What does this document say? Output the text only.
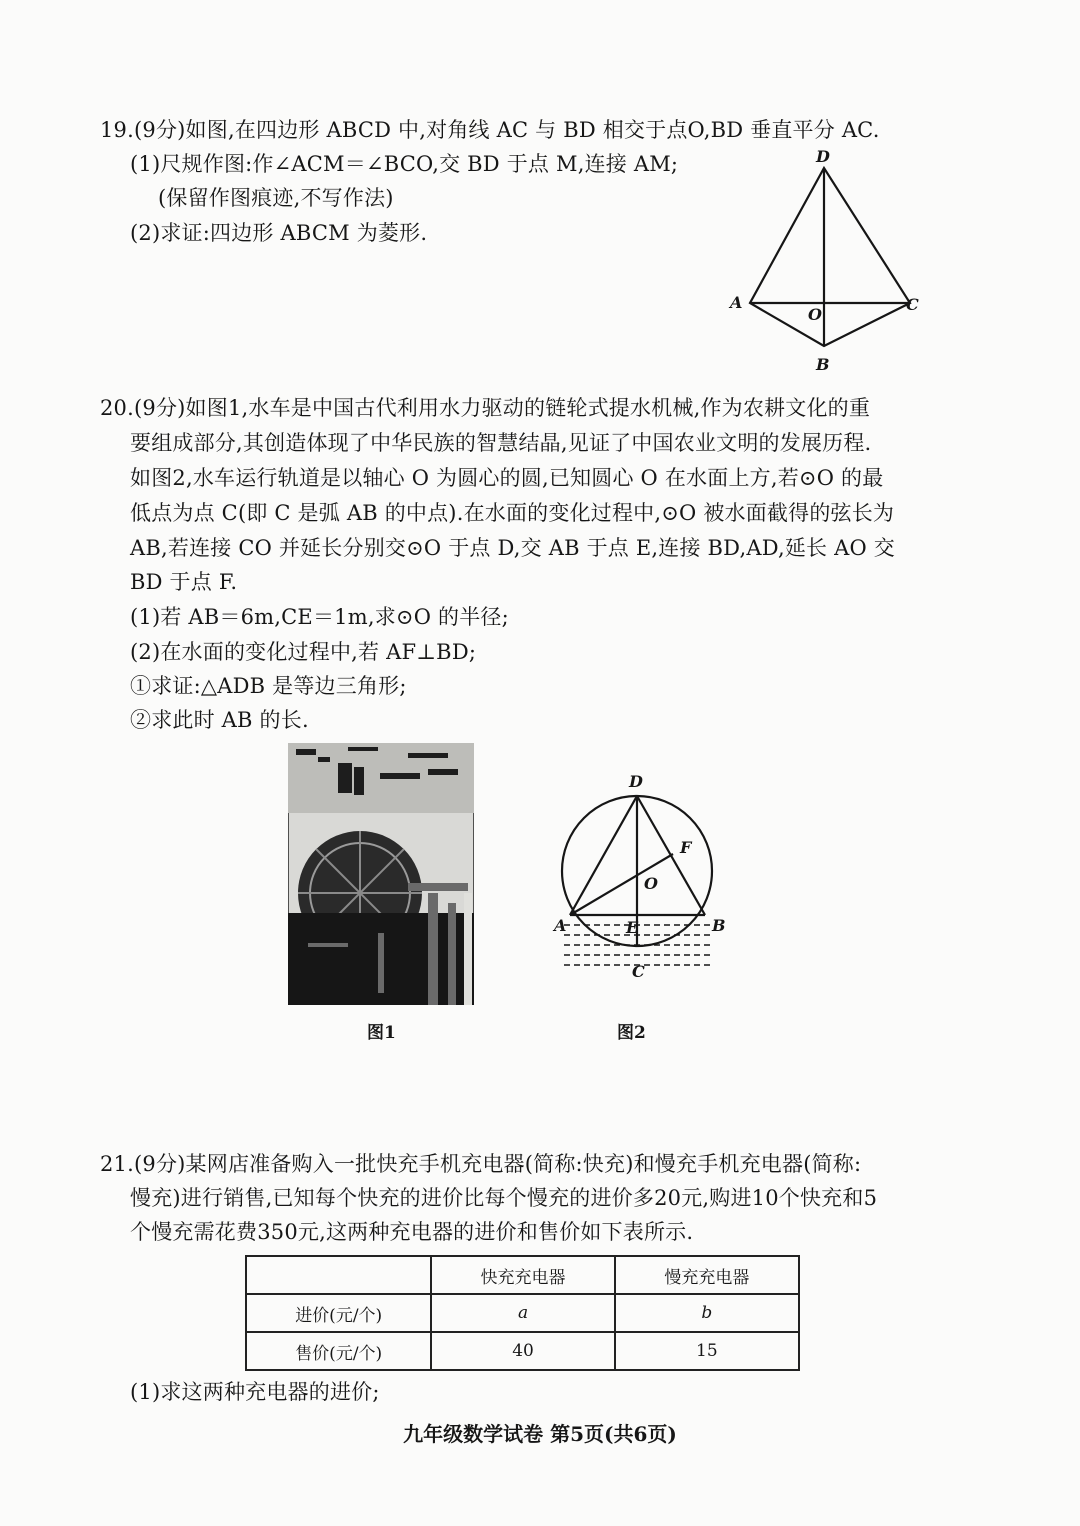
19.(9分)如图,在四边形 ABCD 中,对角线 AC 与 BD 相交于点O,BD 垂直平分 AC.
(1)尺规作图:作∠ACM＝∠BCO,交 BD 于点 M,连接 AM;
(保留作图痕迹,不写作法)
(2)求证:四边形 ABCM 为菱形.
D
A
O
C
B
20.(9分)如图1,水车是中国古代利用水力驱动的链轮式提水机械,作为农耕文化的重
要组成部分,其创造体现了中华民族的智慧结晶,见证了中国农业文明的发展历程.
如图2,水车运行轨道是以轴心 O 为圆心的圆,已知圆心 O 在水面上方,若⊙O 的最
低点为点 C(即 C 是弧 AB 的中点).在水面的变化过程中,⊙O 被水面截得的弦长为
AB,若连接 CO 并延长分别交⊙O 于点 D,交 AB 于点 E,连接 BD,AD,延长 AO 交
BD 于点 F.
(1)若 AB＝6m,CE＝1m,求⊙O 的半径;
(2)在水面的变化过程中,若 AF⊥BD;
①求证:△ADB 是等边三角形;
②求此时 AB 的长.
图1
D
F
O
A	E	B
C
图2
21.(9分)某网店准备购入一批快充手机充电器(简称:快充)和慢充手机充电器(简称:
慢充)进行销售,已知每个快充的进价比每个慢充的进价多20元,购进10个快充和5
个慢充需花费350元,这两种充电器的进价和售价如下表所示.
	快充充电器	慢充充电器
进价(元/个)	a	b
售价(元/个)	40	15
(1)求这两种充电器的进价;
九年级数学试卷 第5页(共6页)
